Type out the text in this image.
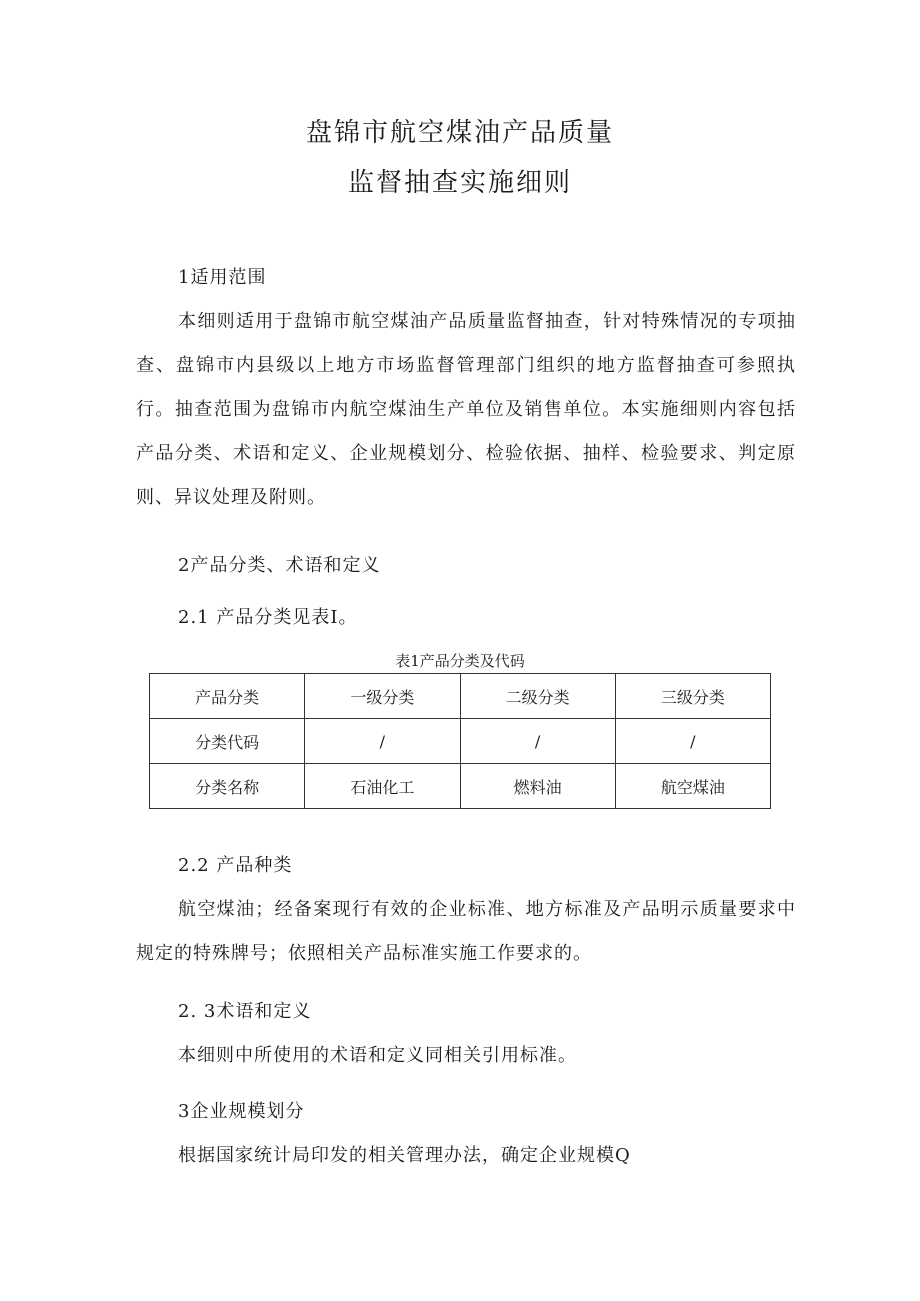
盘锦市航空煤油产品质量
监督抽查实施细则
1适用范围

本细则适用于盘锦市航空煤油产品质量监督抽查，针对特殊情况的专项抽查、盘锦市内县级以上地方市场监督管理部门组织的地方监督抽查可参照执行。抽查范围为盘锦市内航空煤油生产单位及销售单位。本实施细则内容包括产品分类、术语和定义、企业规模划分、检验依据、抽样、检验要求、判定原则、异议处理及附则。

2产品分类、术语和定义
2.1 产品分类见表I。
表1产品分类及代码
产品分类	一级分类	二级分类	三级分类
分类代码	/	/	/
分类名称	石油化工	燃料油	航空煤油
2.2 产品种类

航空煤油；经备案现行有效的企业标准、地方标准及产品明示质量要求中规定的特殊牌号；依照相关产品标准实施工作要求的。

2. 3术语和定义

本细则中所使用的术语和定义同相关引用标准。

3企业规模划分

根据国家统计局印发的相关管理办法，确定企业规模Q
